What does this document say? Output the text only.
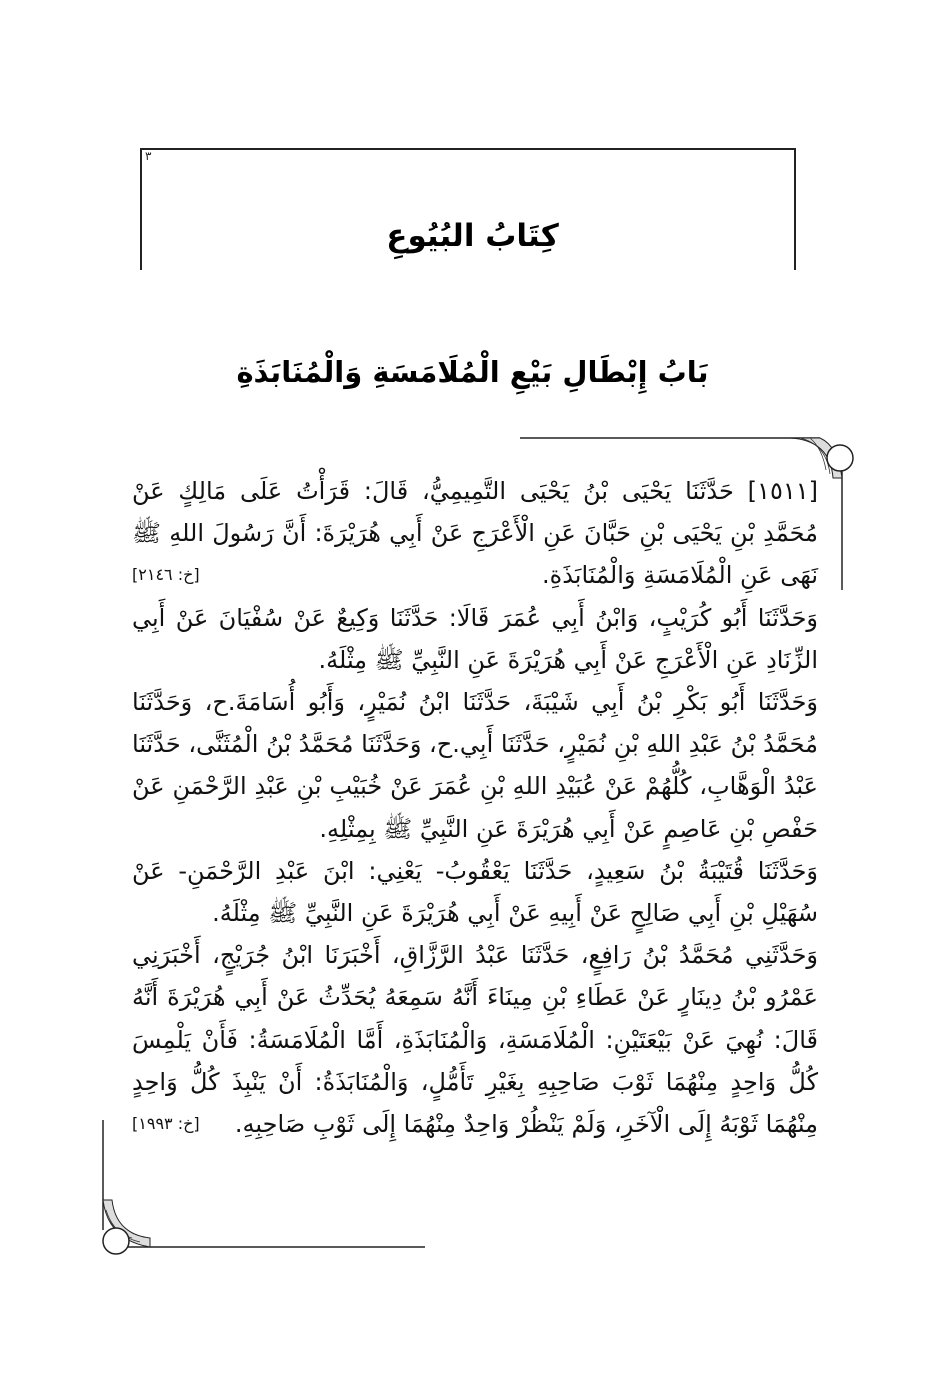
٣
كِتَابُ البُيُوعِ
بَابُ إِبْطَالِ بَيْعِ الْمُلَامَسَةِ وَالْمُنَابَذَةِ

[١٥١١] حَدَّثَنَا يَحْيَى بْنُ يَحْيَى التَّمِيمِيُّ، قَالَ: قَرَأْتُ عَلَى مَالِكٍ عَنْ مُحَمَّدِ بْنِ يَحْيَى بْنِ حَبَّانَ عَنِ الْأَعْرَجِ عَنْ أَبِي هُرَيْرَةَ: أَنَّ رَسُولَ اللهِ ﷺ نَهَى عَنِ الْمُلَامَسَةِ وَالْمُنَابَذَةِ.
[خ: ٢١٤٦]

وَحَدَّثَنَا أَبُو كُرَيْبٍ، وَابْنُ أَبِي عُمَرَ قَالَا: حَدَّثَنَا وَكِيعٌ عَنْ سُفْيَانَ عَنْ أَبِي الزِّنَادِ عَنِ الْأَعْرَجِ عَنْ أَبِي هُرَيْرَةَ عَنِ النَّبِيِّ ﷺ مِثْلَهُ.

وَحَدَّثَنَا أَبُو بَكْرِ بْنُ أَبِي شَيْبَةَ، حَدَّثَنَا ابْنُ نُمَيْرٍ، وَأَبُو أُسَامَةَ.ح، وَحَدَّثَنَا مُحَمَّدُ بْنُ عَبْدِ اللهِ بْنِ نُمَيْرٍ، حَدَّثَنَا أَبِي.ح، وَحَدَّثَنَا مُحَمَّدُ بْنُ الْمُثَنَّى، حَدَّثَنَا عَبْدُ الْوَهَّابِ، كُلُّهُمْ عَنْ عُبَيْدِ اللهِ بْنِ عُمَرَ عَنْ خُبَيْبِ بْنِ عَبْدِ الرَّحْمَنِ عَنْ حَفْصِ بْنِ عَاصِمٍ عَنْ أَبِي هُرَيْرَةَ عَنِ النَّبِيِّ ﷺ بِمِثْلِهِ.

وَحَدَّثَنَا قُتَيْبَةُ بْنُ سَعِيدٍ، حَدَّثَنَا يَعْقُوبُ- يَعْنِي: ابْنَ عَبْدِ الرَّحْمَنِ- عَنْ سُهَيْلِ بْنِ أَبِي صَالِحٍ عَنْ أَبِيهِ عَنْ أَبِي هُرَيْرَةَ عَنِ النَّبِيِّ ﷺ مِثْلَهُ.

وَحَدَّثَنِي مُحَمَّدُ بْنُ رَافِعٍ، حَدَّثَنَا عَبْدُ الرَّزَّاقِ، أَخْبَرَنَا ابْنُ جُرَيْجٍ، أَخْبَرَنِي عَمْرُو بْنُ دِينَارٍ عَنْ عَطَاءِ بْنِ مِينَاءَ أَنَّهُ سَمِعَهُ يُحَدِّثُ عَنْ أَبِي هُرَيْرَةَ أَنَّهُ قَالَ: نُهِيَ عَنْ بَيْعَتَيْنِ: الْمُلَامَسَةِ، وَالْمُنَابَذَةِ، أَمَّا الْمُلَامَسَةُ: فَأَنْ يَلْمِسَ كُلُّ وَاحِدٍ مِنْهُمَا ثَوْبَ صَاحِبِهِ بِغَيْرِ تَأَمُّلٍ، وَالْمُنَابَذَةُ: أَنْ يَنْبِذَ كُلُّ وَاحِدٍ مِنْهُمَا ثَوْبَهُ إِلَى الْآخَرِ، وَلَمْ يَنْظُرْ وَاحِدٌ مِنْهُمَا إِلَى ثَوْبِ صَاحِبِهِ.
[خ: ١٩٩٣]
